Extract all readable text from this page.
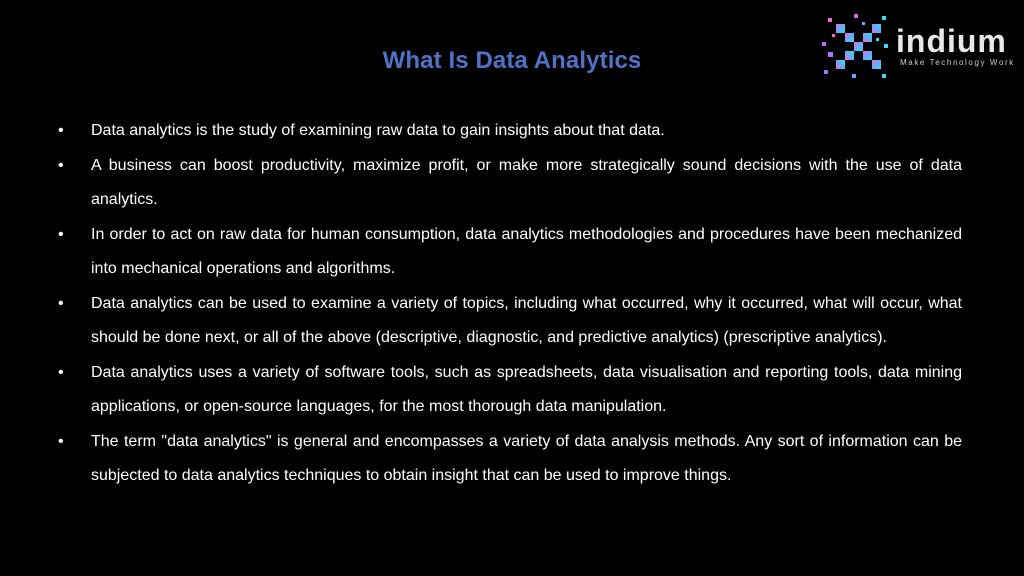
What Is Data Analytics
indium
Make Technology Work
•	Data analytics is the study of examining raw data to gain insights about that data.
•	A business can boost productivity, maximize profit, or make more strategically sound decisions with the use of data analytics.
•	In order to act on raw data for human consumption, data analytics methodologies and procedures have been mechanized into mechanical operations and algorithms.
•	Data analytics can be used to examine a variety of topics, including what occurred, why it occurred, what will occur, what should be done next, or all of the above (descriptive, diagnostic, and predictive analytics) (prescriptive analytics).
•	Data analytics uses a variety of software tools, such as spreadsheets, data visualisation and reporting tools, data mining applications, or open-source languages, for the most thorough data manipulation.
•	The term "data analytics" is general and encompasses a variety of data analysis methods. Any sort of information can be subjected to data analytics techniques to obtain insight that can be used to improve things.
